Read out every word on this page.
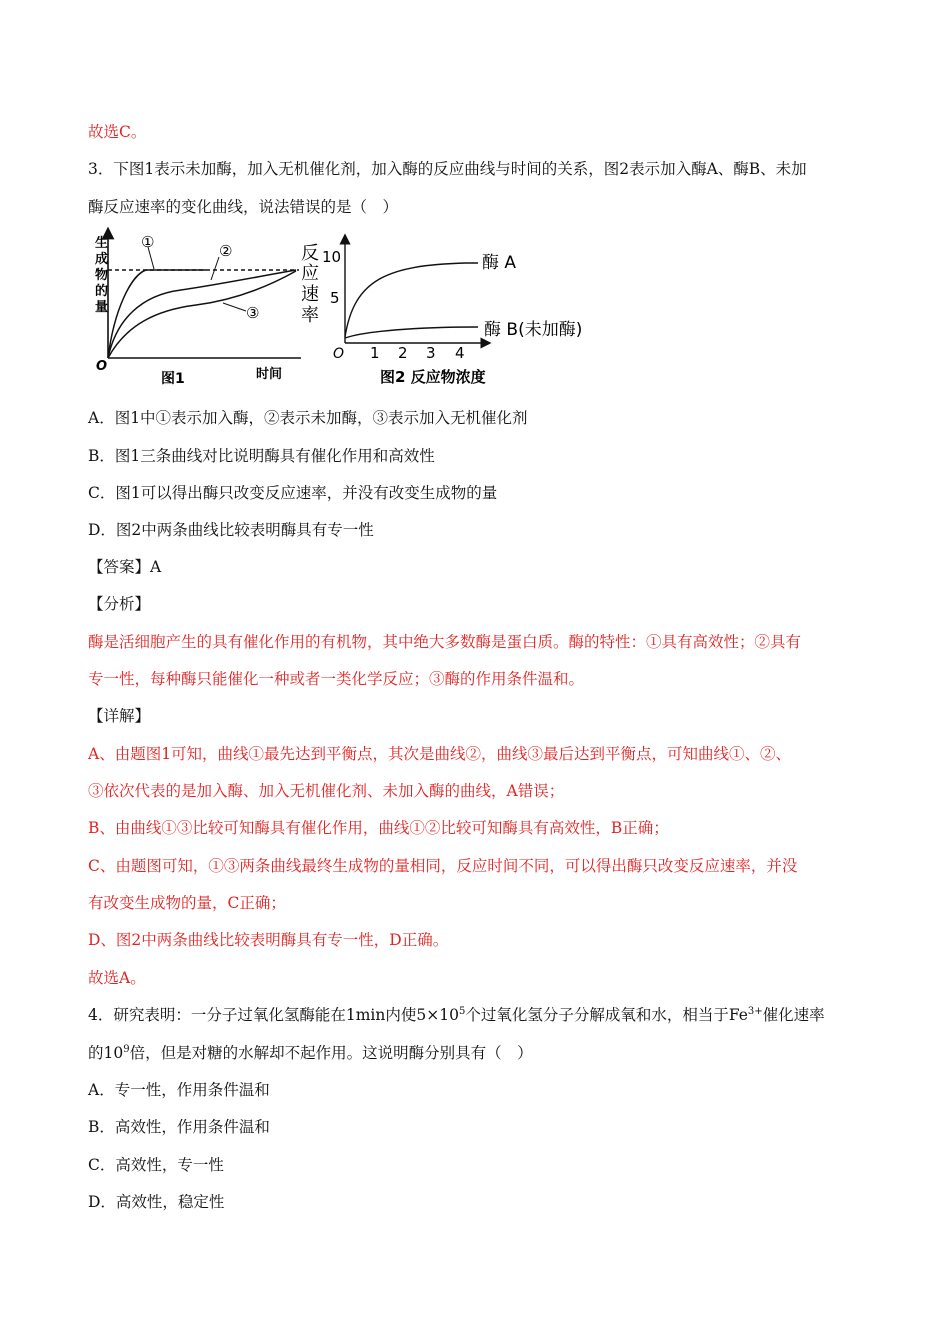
故选C。
3．下图1表示未加酶，加入无机催化剂，加入酶的反应曲线与时间的关系，图2表示加入酶A、酶B、未加
酶反应速率的变化曲线，说法错误的是（　）
生
成
物
的
量
①	②
③
O
图1	时间
反
应
速
率
10
5
酶 A
酶 B(未加酶)
O 1 2 3 4
图2 反应物浓度
A．图1中①表示加入酶，②表示未加酶，③表示加入无机催化剂
B．图1三条曲线对比说明酶具有催化作用和高效性
C．图1可以得出酶只改变反应速率，并没有改变生成物的量
D．图2中两条曲线比较表明酶具有专一性
【答案】A
【分析】
酶是活细胞产生的具有催化作用的有机物，其中绝大多数酶是蛋白质。酶的特性：①具有高效性；②具有
专一性，每种酶只能催化一种或者一类化学反应；③酶的作用条件温和。
【详解】
A、由题图1可知，曲线①最先达到平衡点，其次是曲线②，曲线③最后达到平衡点，可知曲线①、②、
③依次代表的是加入酶、加入无机催化剂、未加入酶的曲线，A错误；
B、由曲线①③比较可知酶具有催化作用，曲线①②比较可知酶具有高效性，B正确；
C、由题图可知，①③两条曲线最终生成物的量相同，反应时间不同，可以得出酶只改变反应速率，并没
有改变生成物的量，C正确；
D、图2中两条曲线比较表明酶具有专一性，D正确。
故选A。
4．研究表明：一分子过氧化氢酶能在1min内使$5\times 10^5$个过氧化氢分子分解成氧和水，相当于$Fe^{3+}$催化速率
的$10^9$倍，但是对糖的水解却不起作用。这说明酶分别具有（　）
A．专一性，作用条件温和
B．高效性，作用条件温和
C．高效性，专一性
D．高效性，稳定性
